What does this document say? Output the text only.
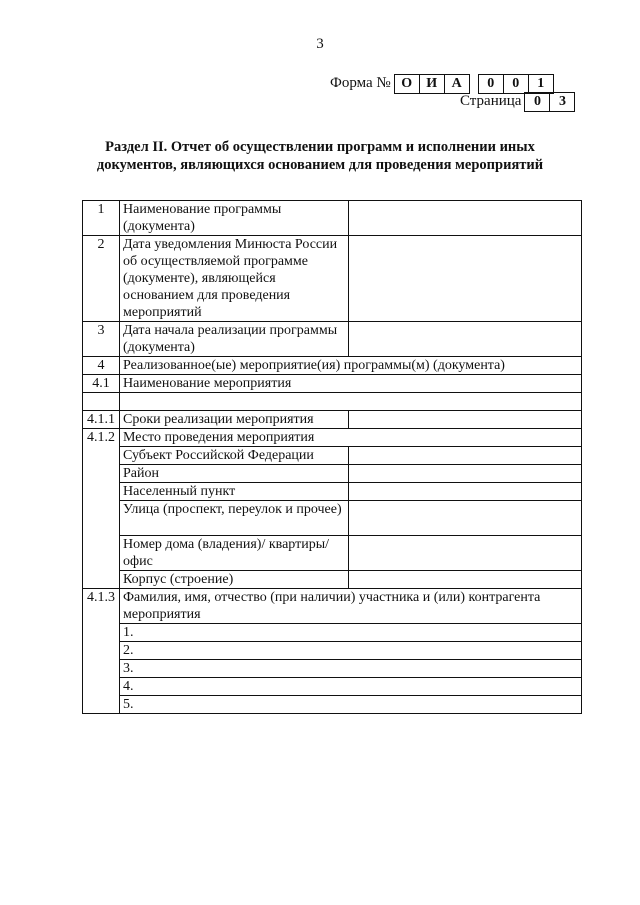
3
Форма № О	И	А	0	0	1
Страница 0	3
Раздел II. Отчет об осуществлении программ и исполнении иных
документов, являющихся основанием для проведения мероприятий
1	Наименование программы (документа)	
2	Дата уведомления Минюста России об осуществляемой программе (документе), являющейся основанием для проведения мероприятий	
3	Дата начала реализации программы (документа)	
4	Реализованное(ые) мероприятие(ия) программы(м) (документа)	
4.1	Наименование мероприятия	

4.1.1	Сроки реализации мероприятия	
4.1.2	Место проведения мероприятия	
	Субъект Российской Федерации	
	Район	
	Населенный пункт	
	Улица (проспект, переулок и прочее)	
	Номер дома (владения)/ квартиры/офис	
	Корпус (строение)	
4.1.3	Фамилия, имя, отчество (при наличии) участника и (или) контрагента мероприятия	
	1.	
	2.	
	3.	
	4.	
	5.	
